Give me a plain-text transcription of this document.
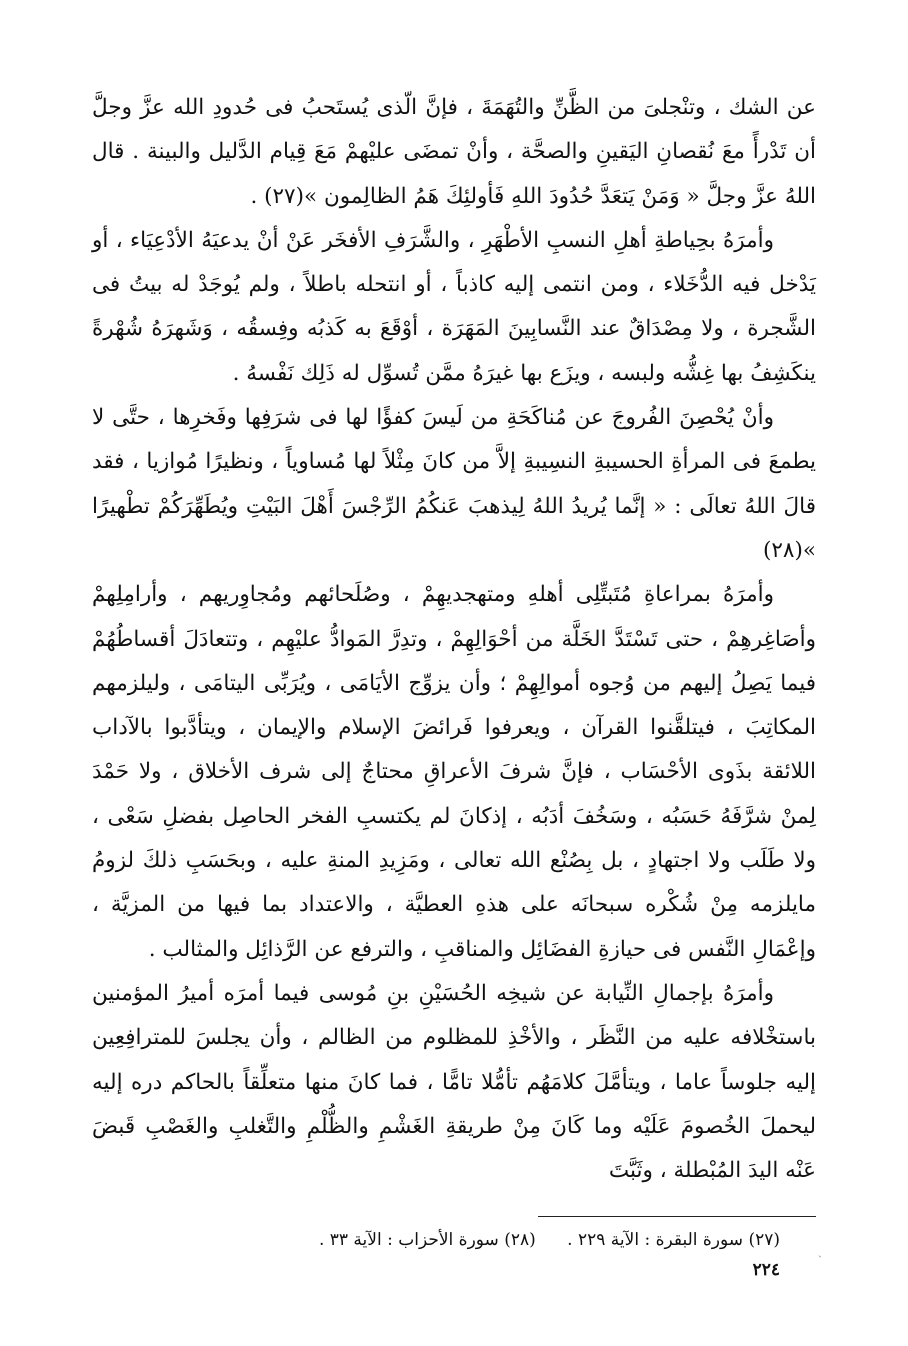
عن الشك ، وتنْجلىَ من الظَّنِّ والتُهَمَةَ ، فإنَّ الّذى يُستَحبُ فى حُدودِ الله عزَّ وجلَّ أن تَدْرأً معَ نُقصانِ اليَقينِ والصحَّة ، وأنْ تمضَى عليْهمْ مَعَ قِيام الدَّليل والبينة . قال اللهُ عزَّ وجلَّ « وَمَنْ يَتعَدَّ حُدُودَ اللهِ فَأولئِكَ هَمُ الظالِمون »(٢٧) .

وأمرَهُ بحِياطةِ أهلِ النسبِ الأطْهَرِ ، والشَّرَفِ الأفخَر عَنْ أنْ يدعيَهُ الأدْعِيَاء ، أو يَدْخل فيه الدُّخَلاء ، ومن انتمى إليه كاذباً ، أو انتحله باطلاً ، ولم يُوجَدْ له بيتُ فى الشَّجرة ، ولا مِصْدَاقٌ عند النَّسابِينَ المَهَرَة ، أوْقَعَ به كَذبُه وفِسقُه ، وَشَهرَهُ شُهْرةً ينكَشِفُ بها غِشُّه ولبسه ، ويزَع بها غيرَهُ ممَّن تُسوِّل له ذَلِك نَفْسهُ .

وأنْ يُحْصِنَ الفُروجَ عن مُناكَحَةِ من لَيسَ كفؤًا لها فى شرَفِها وفَخرِها ، حتَّى لا يطمعَ فى المرأةِ الحسيبةِ النسِيبةِ إلاَّ من كانَ مِثْلاً لها مُساوياً ، ونظيرًا مُوازيا ، فقد قالَ اللهُ تعالَى : « إنَّما يُريدُ اللهُ لِيذهبَ عَنكُمُ الرِّجْسَ أَهْلَ البَيْتِ ويُطَهِّرَكُمْ تطْهيرًا »(٢٨)

وأمرَهُ بمراعاةِ مُتَبتِّلِى أهلهِ ومتهجديهِمْ ، وصُلَحائهم ومُجاوِريهم ، وأرامِلِهمْ وأصَاغِرهِمْ ، حتى تَسْتَدَّ الخَلَّة من أحْوَالِهِمْ ، وتدِرَّ المَوادُّ عليْهِم ، وتتعادَلَ أقساطُهُمْ فيما يَصِلُ إليهم من وُجوه أموالِهِمْ ؛ وأن يزوِّج الأيَامَى ، ويُرَبِّى اليتامَى ، وليلزمهم المكاتِبَ ، فيتلقَّنوا القرآن ، ويعرفوا فَرائضَ الإسلام والإيمان ، ويتأدَّبوا بالآداب اللائقة بذَوى الأحْسَاب ، فإنَّ شرفَ الأعراقِ محتاجٌ إلى شرف الأخلاق ، ولا حَمْدَ لِمنْ شرَّفَهُ حَسَبُه ، وسَخُفَ أدَبُه ، إذكانَ لم يكتسبِ الفخر الحاصِل بفضلِ سَعْى ، ولا طَلَب ولا اجتهادٍ ، بل بِصُنْع الله تعالى ، ومَزِيدِ المنةِ عليه ، وبحَسَبِ ذلكَ لزومُ مايلزمه مِنْ شُكْره سبحانَه على هذهِ العطيَّة ، والاعتداد بما فيها من المزيَّة ، وإعْمَالِ النَّفس فى حيازةِ الفضَائِل والمناقبِ ، والترفع عن الرَّذائِل والمثالب .

وأمرَهُ بإجمالِ النِّيابة عن شيخِه الحُسَيْنِ بنِ مُوسى فيما أمرَه أميرُ المؤمنين باستخْلافه عليه من النَّظَر ، والأخْذِ للمظلوم من الظالم ، وأن يجلسَ للمترافِعِين إليه جلوساً عاما ، ويتأمَّلَ كلامَهُم تأمُّلا تامًّا ، فما كانَ منها متعلِّقاً بالحاكم دره إليه ليحملَ الخُصومَ عَلَيْه وما كَانَ مِنْ طريقةِ الغَشْمِ والظُّلْمِ والتَّغلبِ والغَصْبِ قَبضَ عَنْه اليدَ المُبْطلة ، وثَبَّتَ

(٢٧) سورة البقرة : الآية ٢٢٩ . (٢٨) سورة الأحزاب : الآية ٣٣ .
٢٢٤
ˎ
